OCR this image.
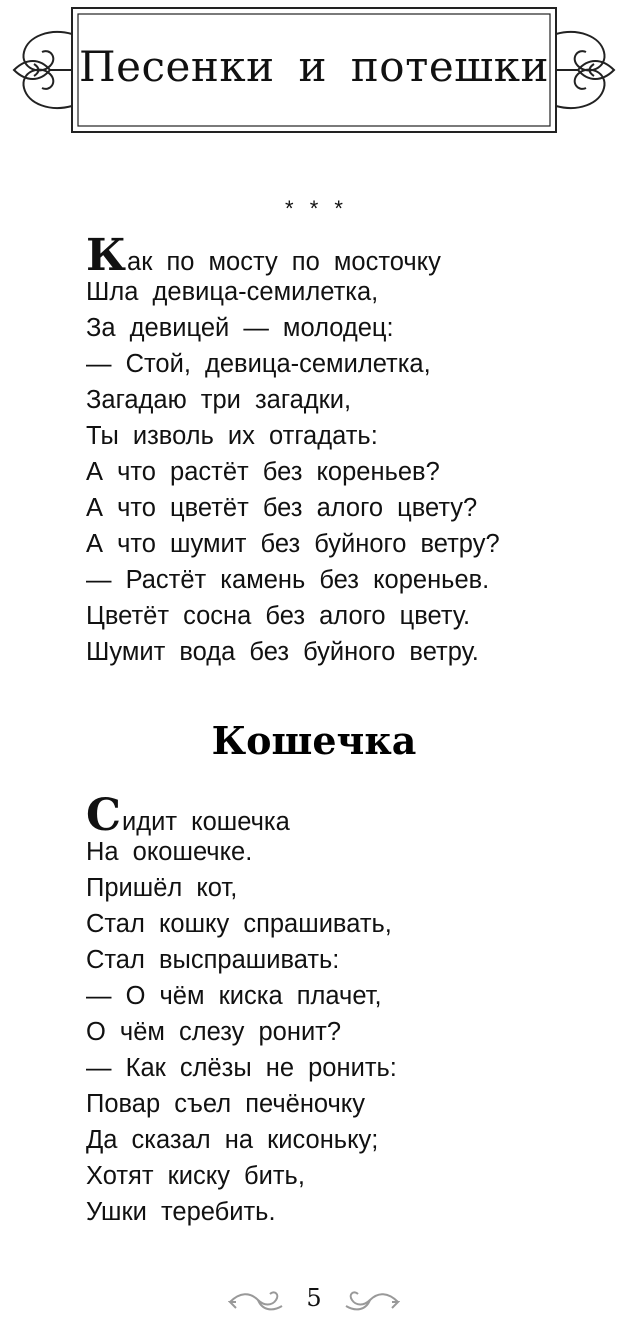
Песенки и потешки
* * *
Как по мосту по мосточку
Шла девица-семилетка,
За девицей — молодец:
— Стой, девица-семилетка,
Загадаю три загадки,
Ты изволь их отгадать:
А что растёт без кореньев?
А что цветёт без алого цвету?
А что шумит без буйного ветру?
— Растёт камень без кореньев.
Цветёт сосна без алого цвету.
Шумит вода без буйного ветру.
Кошечка
Сидит кошечка
На окошечке.
Пришёл кот,
Стал кошку спрашивать,
Стал выспрашивать:
— О чём киска плачет,
О чём слезу ронит?
— Как слёзы не ронить:
Повар съел печёночку
Да сказал на кисоньку;
Хотят киску бить,
Ушки теребить.
5
